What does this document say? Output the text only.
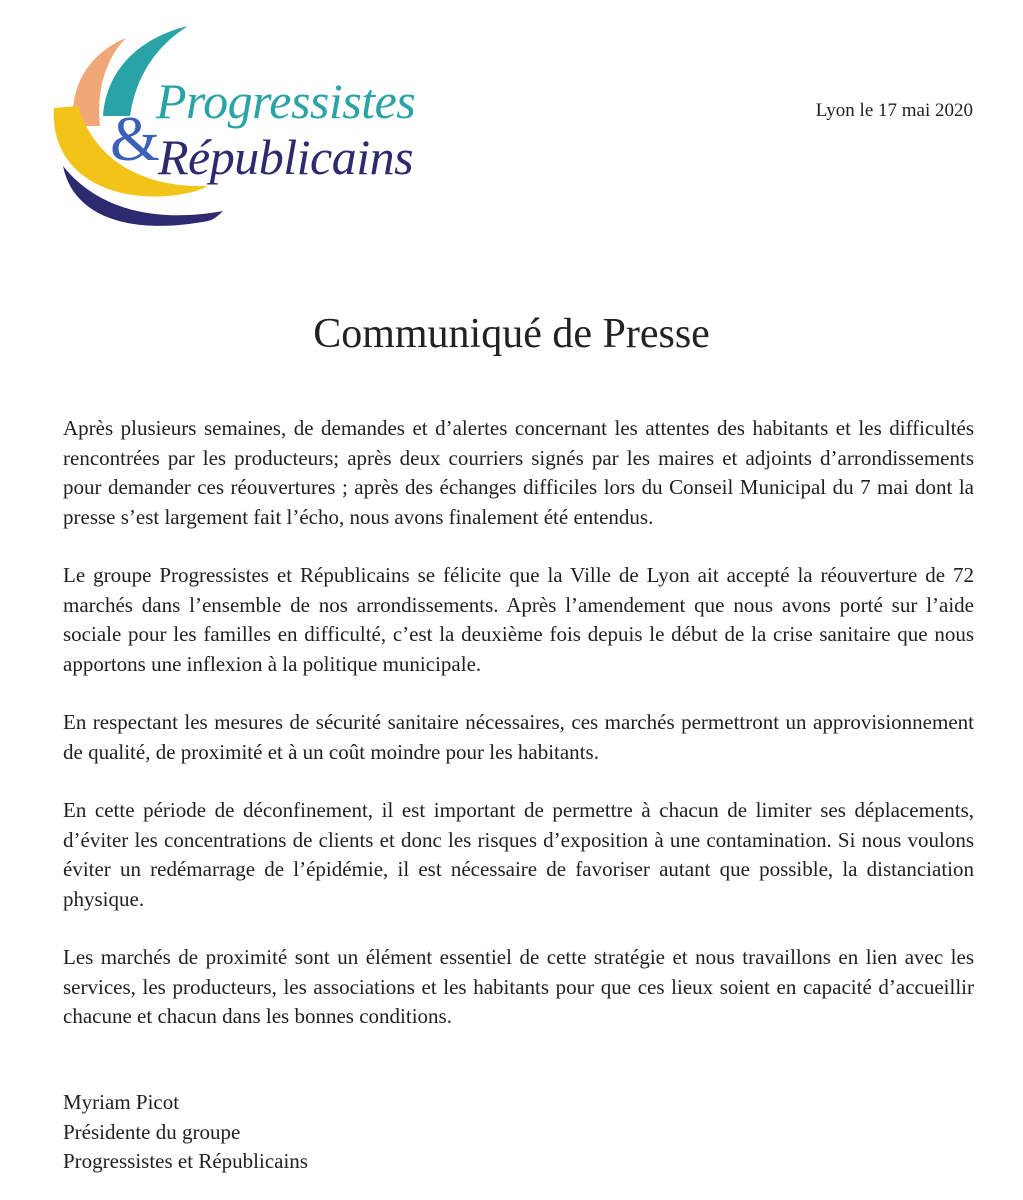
Progressistes
&
Républicains
Lyon le 17 mai 2020
Communiqué de Presse

Après plusieurs semaines, de demandes et d’alertes concernant les attentes des habitants et les difficultés rencontrées par les producteurs; après deux courriers signés par les maires et adjoints d’arrondissements pour demander ces réouvertures ; après des échanges difficiles lors du Conseil Municipal du 7 mai dont la presse s’est largement fait l’écho, nous avons finalement été entendus.

Le groupe Progressistes et Républicains se félicite que la Ville de Lyon ait accepté la réouverture de 72 marchés dans l’ensemble de nos arrondissements. Après l’amendement que nous avons porté sur l’aide sociale pour les familles en difficulté, c’est la deuxième fois depuis le début de la crise sanitaire que nous apportons une inflexion à la politique municipale.

En respectant les mesures de sécurité sanitaire nécessaires, ces marchés permettront un approvisionnement de qualité, de proximité et à un coût moindre pour les habitants.

En cette période de déconfinement, il est important de permettre à chacun de limiter ses déplacements, d’éviter les concentrations de clients et donc les risques d’exposition à une contamination. Si nous voulons éviter un redémarrage de l’épidémie, il est nécessaire de favoriser autant que possible, la distanciation physique.

Les marchés de proximité sont un élément essentiel de cette stratégie et nous travaillons en lien avec les services, les producteurs, les associations et les habitants pour que ces lieux soient en capacité d’accueillir chacune et chacun dans les bonnes conditions.

Myriam Picot
Présidente du groupe
Progressistes et Républicains
